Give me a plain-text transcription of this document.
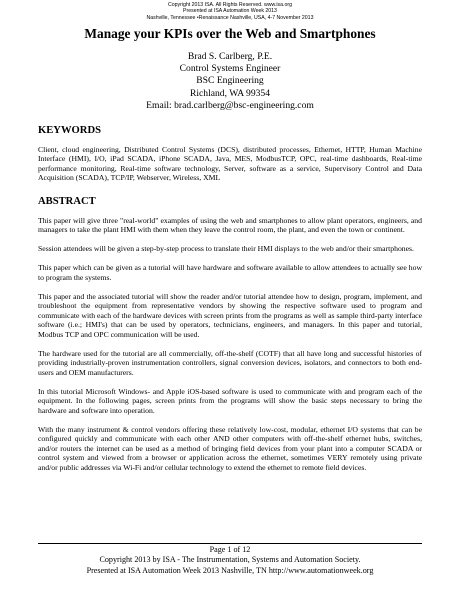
Copyright 2013 ISA. All Rights Reserved. www.isa.org
Presented at ISA Automation Week 2013
Nashville, Tennessee •Renaissance Nashville, USA, 4-7 November 2013
Manage your KPIs over the Web and Smartphones
Brad S. Carlberg, P.E.
Control Systems Engineer
BSC Engineering
Richland, WA 99354
Email: brad.carlberg@bsc-engineering.com
KEYWORDS

Client, cloud engineering, Distributed Control Systems (DCS), distributed processes, Ethernet, HTTP, Human Machine Interface (HMI), I/O, iPad SCADA, iPhone SCADA, Java, MES, ModbusTCP, OPC, real-time dashboards, Real-time performance monitoring, Real-time software technology, Server, software as a service, Supervisory Control and Data Acquisition (SCADA), TCP/IP, Webserver, Wireless, XML

ABSTRACT

This paper will give three "real-world" examples of using the web and smartphones to allow plant operators, engineers, and managers to take the plant HMI with them when they leave the control room, the plant, and even the town or continent.

Session attendees will be given a step-by-step process to translate their HMI displays to the web and/or their smartphones.

This paper which can be given as a tutorial will have hardware and software available to allow attendees to actually see how to program the systems.

This paper and the associated tutorial will show the reader and/or tutorial attendee how to design, program, implement, and troubleshoot the equipment from representative vendors by showing the respective software used to program and communicate with each of the hardware devices with screen prints from the programs as well as sample third-party interface software (i.e.; HMI's) that can be used by operators, technicians, engineers, and managers. In this paper and tutorial, Modbus TCP and OPC communication will be used.

The hardware used for the tutorial are all commercially, off-the-shelf (COTF) that all have long and successful histories of providing industrially-proven instrumentation controllers, signal conversion devices, isolators, and connectors to both end-users and OEM manufacturers.

In this tutorial Microsoft Windows- and Apple iOS-based software is used to communicate with and program each of the equipment. In the following pages, screen prints from the programs will show the basic steps necessary to bring the hardware and software into operation.

With the many instrument & control vendors offering these relatively low-cost, modular, ethernet I/O systems that can be configured quickly and communicate with each other AND other computers with off-the-shelf ethernet hubs, switches, and/or routers the internet can be used as a method of bringing field devices from your plant into a computer SCADA or control system and viewed from a browser or application across the ethernet, sometimes VERY remotely using private and/or public addresses via Wi-Fi and/or cellular technology to extend the ethernet to remote field devices.

Page 1 of 12
Copyright 2013 by ISA - The Instrumentation, Systems and Automation Society.
Presented at ISA Automation Week 2013 Nashville, TN http://www.automationweek.org
